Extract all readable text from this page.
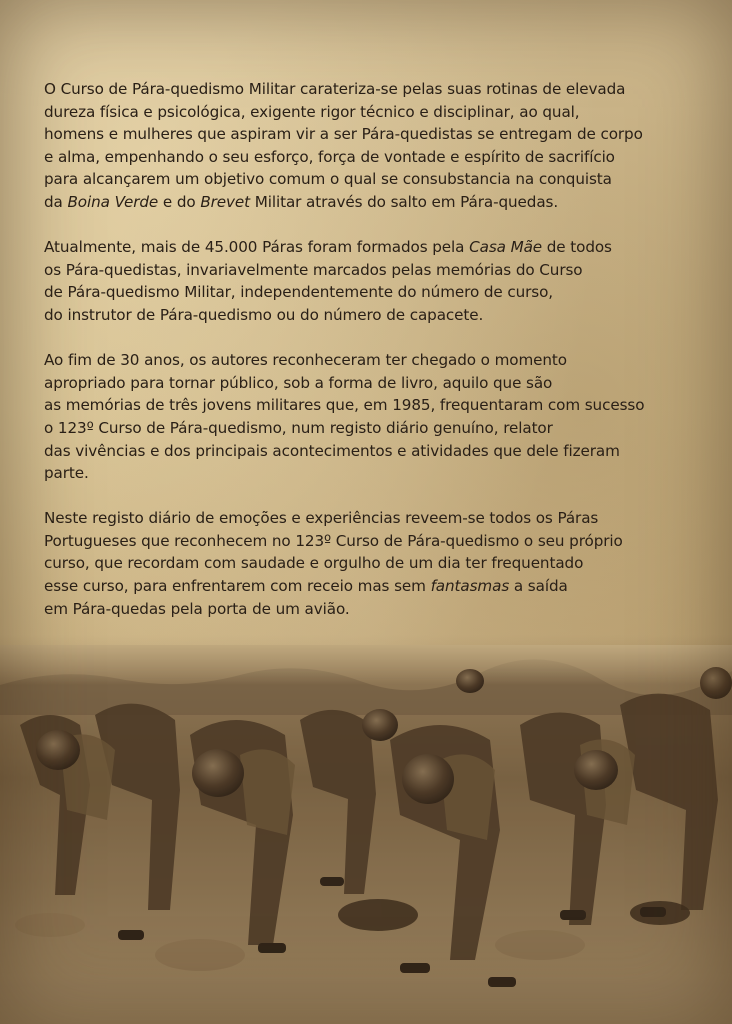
O Curso de Pára-quedismo Militar carateriza-se pelas suas rotinas de elevada
dureza física e psicológica, exigente rigor técnico e disciplinar, ao qual,
homens e mulheres que aspiram vir a ser Pára-quedistas se entregam de corpo
e alma, empenhando o seu esforço, força de vontade e espírito de sacrifício
para alcançarem um objetivo comum o qual se consubstancia na conquista
da Boina Verde e do Brevet Militar através do salto em Pára-quedas.

Atualmente, mais de 45.000 Páras foram formados pela Casa Mãe de todos
os Pára-quedistas, invariavelmente marcados pelas memórias do Curso
de Pára-quedismo Militar, independentemente do número de curso,
do instrutor de Pára-quedismo ou do número de capacete.

Ao fim de 30 anos, os autores reconheceram ter chegado o momento
apropriado para tornar público, sob a forma de livro, aquilo que são
as memórias de três jovens militares que, em 1985, frequentaram com sucesso
o 123º Curso de Pára-quedismo, num registo diário genuíno, relator
das vivências e dos principais acontecimentos e atividades que dele fizeram
parte.

Neste registo diário de emoções e experiências reveem-se todos os Páras
Portugueses que reconhecem no 123º Curso de Pára-quedismo o seu próprio
curso, que recordam com saudade e orgulho de um dia ter frequentado
esse curso, para enfrentarem com receio mas sem fantasmas a saída
em Pára-quedas pela porta de um avião.
